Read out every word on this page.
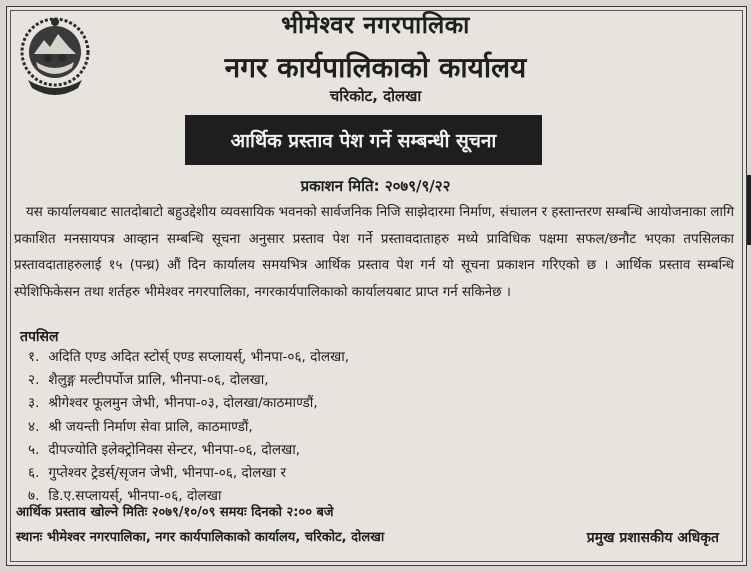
भीमेश्वर नगरपालिका
नगर कार्यपालिकाको कार्यालय
चरिकोट, दोलखा
आर्थिक प्रस्ताव पेश गर्ने सम्बन्धी सूचना
प्रकाशन मिति: २०७९/९/२२
यस कार्यालयबाट सातदोबाटो बहुउद्देशीय व्यवसायिक भवनको सार्वजनिक निजि साझेदारमा निर्माण, संचालन र हस्तान्तरण सम्बन्धि आयोजनाका लागि प्रकाशित मनसायपत्र आव्हान सम्बन्धि सूचना अनुसार प्रस्ताव पेश गर्ने प्रस्तावदाताहरु मध्ये प्राविधिक पक्षमा सफल/छनौट भएका तपसिलका प्रस्तावदाताहरुलाई १५ (पन्ध्र) औं दिन कार्यालय समयभित्र आर्थिक प्रस्ताव पेश गर्न यो सूचना प्रकाशन गरिएको छ । आर्थिक प्रस्ताव सम्बन्धि स्पेशिफिकेसन तथा शर्तहरु भीमेश्वर नगरपालिका, नगरकार्यपालिकाको कार्यालयबाट प्राप्त गर्न सकिनेछ ।
तपसिल
१. अदिति एण्ड अदित स्टोर्स् एण्ड सप्लायर्स्, भीनपा-०६, दोलखा,
२. शैलुङ्ग मल्टीपर्पोज प्रालि, भीनपा-०६, दोलखा,
३. श्रीगेश्वर फूलमुन जेभी, भीनपा-०३, दोलखा/काठमाण्डौं,
४. श्री जयन्ती निर्माण सेवा प्रालि, काठमाण्डौं,
५. दीपज्योति इलेक्ट्रोनिक्स सेन्टर, भीनपा-०६, दोलखा,
६. गुप्तेश्वर ट्रेडर्स्/सृजन जेभी, भीनपा-०६, दोलखा र
७. डि.ए.सप्लायर्स्, भीनपा-०६, दोलखा
आर्थिक प्रस्ताव खोल्ने मितिः २०७९/१०/०९ समयः दिनको २:०० बजे
स्थानः भीमेश्वर नगरपालिका, नगर कार्यपालिकाको कार्यालय, चरिकोट, दोलखा	प्रमुख प्रशासकीय अधिकृत
